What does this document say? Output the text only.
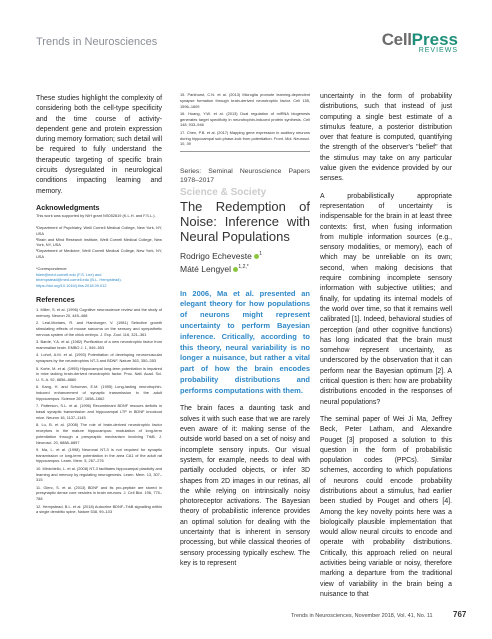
Trends in Neurosciences	CellPress
REVIEWS
These studies highlight the complexity of considering both the cell-type specificity and the time course of activity-dependent gene and protein expression during memory formation; such detail will be required to fully understand the therapeutic targeting of specific brain circuits dysregulated in neurological conditions impacting learning and memory.
Acknowledgments
This work was supported by NIH grant NS052819 (K.L.H. and F.S.L.).
¹Department of Psychiatry, Weill Cornell Medical College, New York, NY, USA
²Brain and Mind Research Institute, Weill Cornell Medical College, New York, NY, USA
³Department of Medicine, Weill Cornell Medical College, New York, NY, USA
*Correspondence:
fslee@med.cornell.edu (F.S. Lee) and
bhempstead@med.cornell.edu (B.L. Hempstead).
https://doi.org/10.1016/j.tins.2018.09.012
References

1. Miller, S. et al. (1996) Cognitive neuroscience review and the study of memory. Neuron 20, 445–468

2. Leal-Morlaes, R. and Hamburger, V. (1981) Selective growth stimulating effects of mouse sarcoma on the sensory and sympathetic nervous system of the chick embryo. J. Exp. Zool. 116, 321–361

3. Barde, Y.A. et al. (1982) Purification of a new neurotrophic factor from mammalian brain. EMBO J. 1, 549–553

4. Lohof, A.M. et al. (1993) Potentiation of developing neuromuscular synapses by the neurotrophins NT-3 and BDNF. Nature 363, 350–353

5. Korte, M. et al. (1995) Hippocampal long-term potentiation is impaired in mice lacking brain-derived neurotrophic factor. Proc. Natl. Acad. Sci. U. S. A. 92, 8856–8860

6. Kang, H. and Schuman, E.M. (1995) Long-lasting neurotrophin-induced enhancement of synaptic transmission in the adult hippocampus. Science 267, 1658–1662

7. Patterson, S.L. et al. (1996) Recombinant BDNF rescues deficits in basal synaptic transmission and hippocampal LTP in BDNF knockout mice. Neuron 16, 1137–1145

8. Lu, B. et al. (2008) The role of brain-derived neurotrophic factor receptors in the mature hippocampus: modulation of long-term potentiation through a presynaptic mechanism involving TrkB. J. Neurosci. 20, 6888–6897

9. Ma, L. et al. (1998) Neuronal NT-3 is not required for synaptic transmission or long-term potentiation in the area CA1 of the adult rat hippocampus. Learn. Mem. 5, 267–276

10. Minichiello, L. et al. (2008) NT-3 facilitates hippocampal plasticity and learning and memory by regulating neurogenesis. Learn. Mem. 13, 307–315

11. Glerc, S. et al. (2013) BDNF and its pro-peptide are stored in presynaptic dense core vesicles in brain neurons. J. Cell Biol. 196, 775–788

12. Hempstead, B.L. et al. (2018) Autocrine BDNF–TrkB signalling within a single dendritic spine. Nature 538, 99–103

15. Parkhurst, C.N. et al. (2013) Microglia promote learning-dependent synapse formation through brain-derived neurotrophic factor. Cell 155, 1596–1609

16. Huang, Y.W. et al. (2013) Dual regulation of miRNA biogenesis generates target specificity in neurotrophin-induced protein synthesis. Cell 148, 933–946

17. Chen, P.B. et al. (2017) Mapping gene expression in auditory neurons during hippocampal sub-phase-lock from potentiation. Front. Mol. Neurosci. 10, 39

Series: Seminal Neuroscience Papers 1978–2017
Science & Society
The Redemption of Noise: Inference with Neural Populations
Rodrigo Echeveste $^1$
Máté Lengyel $^{1,2,*}$
In 2006, Ma et al. presented an elegant theory for how populations of neurons might represent uncertainty to perform Bayesian inference. Critically, according to this theory, neural variability is no longer a nuisance, but rather a vital part of how the brain encodes probability distributions and performs computations with them.

The brain faces a daunting task and solves it with such ease that we are rarely even aware of it: making sense of the outside world based on a set of noisy and incomplete sensory inputs. Our visual system, for example, needs to deal with partially occluded objects, or infer 3D shapes from 2D images in our retinas, all the while relying on intrinsically noisy photoreceptor activations. The Bayesian theory of probabilistic inference provides an optimal solution for dealing with the uncertainty that is inherent in sensory processing, but while classical theories of sensory processing typically eschew. The key is to represent

uncertainty in the form of probability distributions, such that instead of just computing a single best estimate of a stimulus feature, a posterior distribution over that feature is computed, quantifying the strength of the observer's "belief" that the stimulus may take on any particular value given the evidence provided by our senses.

A probabilistically appropriate representation of uncertainty is indispensable for the brain in at least three contexts: first, when fusing information from multiple information sources (e.g., sensory modalities, or memory), each of which may be unreliable on its own; second, when making decisions that require combining incomplete sensory information with subjective utilities; and finally, for updating its internal models of the world over time, so that it remains well calibrated [1]. Indeed, behavioral studies of perception (and other cognitive functions) has long indicated that the brain must somehow represent uncertainty, as underscored by the observation that it can perform near the Bayesian optimum [2]. A critical question is then: how are probability distributions encoded in the responses of neural populations?

The seminal paper of Wei Ji Ma, Jeffrey Beck, Peter Latham, and Alexandre Pouget [3] proposed a solution to this question in the form of probabilistic population codes (PPCs). Similar schemes, according to which populations of neurons could encode probability distributions about a stimulus, had earlier been studied by Pouget and others [4]. Among the key novelty points here was a biologically plausible implementation that would allow neural circuits to encode and operate with probability distributions. Critically, this approach relied on neural activities being variable or noisy, therefore marking a departure from the traditional view of variability in the brain being a nuisance to that

Trends in Neurosciences, November 2018, Vol. 41, No. 11	767
